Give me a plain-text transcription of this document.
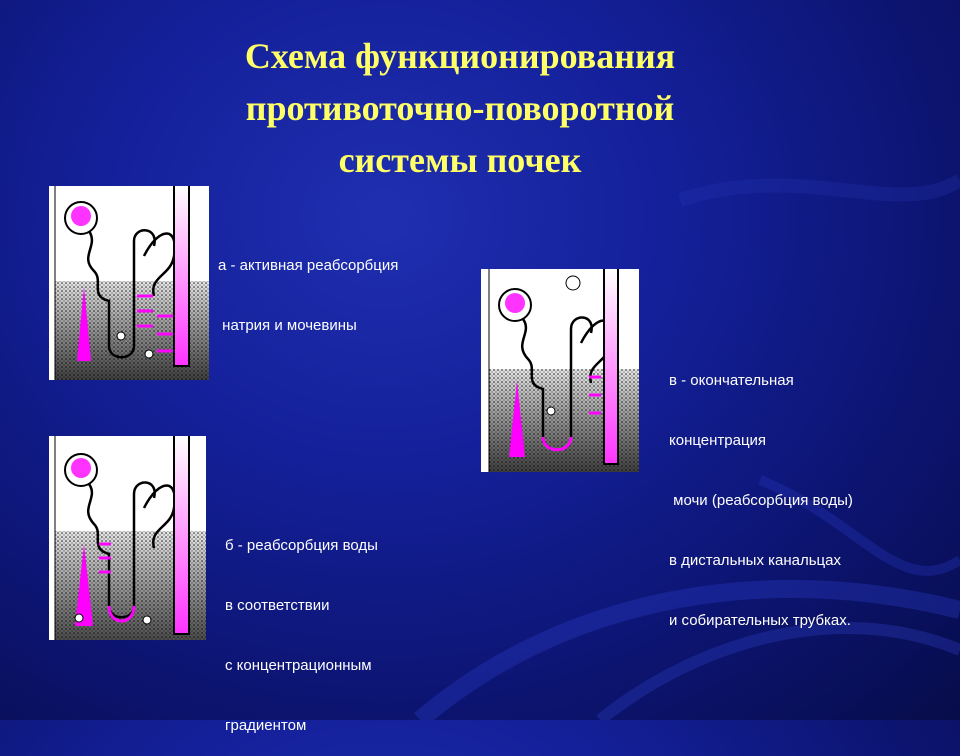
Схема функционирования
противоточно-поворотной
системы почек

а - активная реабсорбция

натрия и мочевины

б - реабсорбция воды

в соответствии

с концентрационным

градиентом

в - окончательная

концентрация

мочи (реабсорбция воды)

в дистальных канальцах

и собирательных трубках.
